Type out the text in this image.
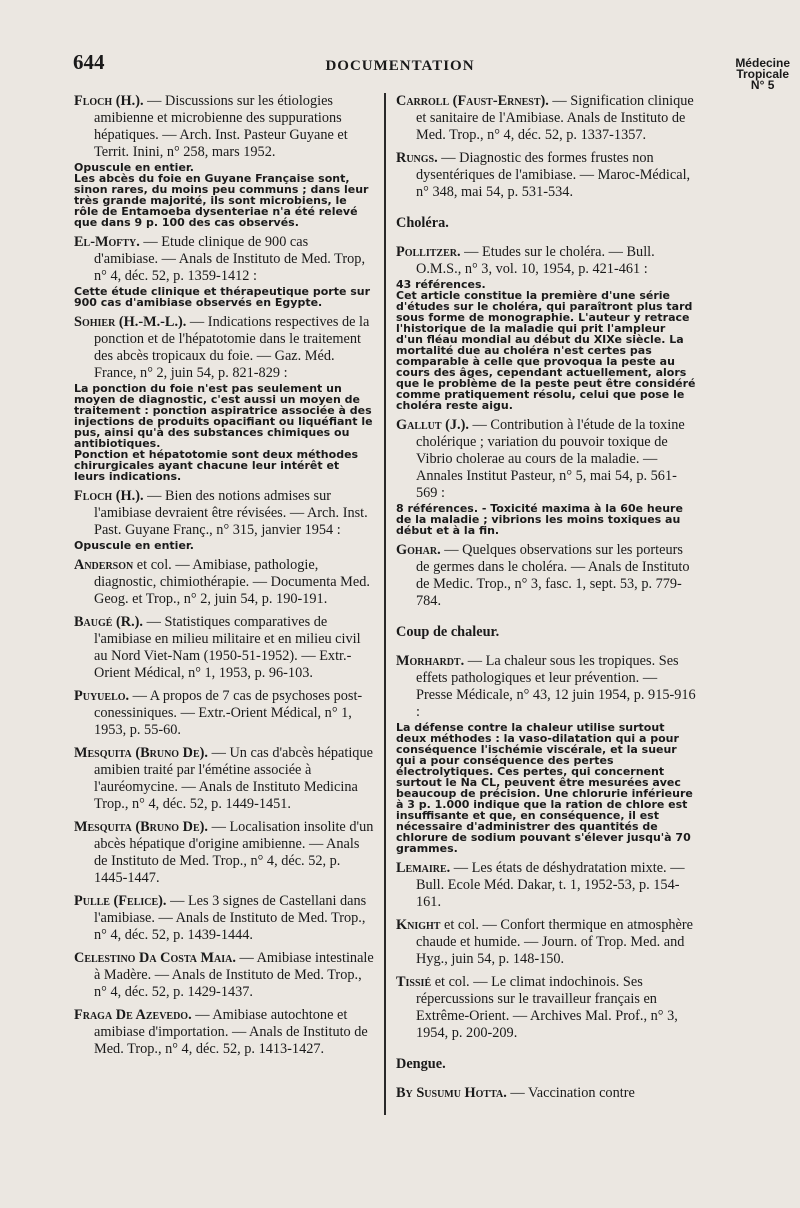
644	DOCUMENTATION	Médecine
Tropicale
N° 5
Floch (H.). — Discussions sur les étiologies amibienne et microbienne des suppurations hépatiques. — Arch. Inst. Pasteur Guyane et Territ. Inini, n° 258, mars 1952.
Opuscule en entier.
Les abcès du foie en Guyane Française sont, sinon rares, du moins peu communs ; dans leur très grande majorité, ils sont microbiens, le rôle de Entamoeba dysenteriae n'a été relevé que dans 9 p. 100 des cas observés.
El-Mofty. — Etude clinique de 900 cas d'amibiase. — Anals de Instituto de Med. Trop, n° 4, déc. 52, p. 1359-1412 :
Cette étude clinique et thérapeutique porte sur 900 cas d'amibiase observés en Egypte.
Sohier (H.-M.-L.). — Indications respectives de la ponction et de l'hépatotomie dans le traitement des abcès tropicaux du foie. — Gaz. Méd. France, n° 2, juin 54, p. 821-829 :
La ponction du foie n'est pas seulement un moyen de diagnostic, c'est aussi un moyen de traitement : ponction aspiratrice associée à des injections de produits opacifiant ou liquéfiant le pus, ainsi qu'à des substances chimiques ou antibiotiques.
Ponction et hépatotomie sont deux méthodes chirurgicales ayant chacune leur intérêt et leurs indications.
Floch (H.). — Bien des notions admises sur l'amibiase devraient être révisées. — Arch. Inst. Past. Guyane Franç., n° 315, janvier 1954 :
Opuscule en entier.
Anderson et col. — Amibiase, pathologie, diagnostic, chimiothérapie. — Documenta Med. Geog. et Trop., n° 2, juin 54, p. 190-191.
Baugé (R.). — Statistiques comparatives de l'amibiase en milieu militaire et en milieu civil au Nord Viet-Nam (1950-51-1952). — Extr.-Orient Médical, n° 1, 1953, p. 96-103.
Puyuelo. — A propos de 7 cas de psychoses post-conessiniques. — Extr.-Orient Médical, n° 1, 1953, p. 55-60.
Mesquita (Bruno De). — Un cas d'abcès hépatique amibien traité par l'émétine associée à l'auréomycine. — Anals de Instituto Medicina Trop., n° 4, déc. 52, p. 1449-1451.
Mesquita (Bruno De). — Localisation insolite d'un abcès hépatique d'origine amibienne. — Anals de Instituto de Med. Trop., n° 4, déc. 52, p. 1445-1447.
Pulle (Felice). — Les 3 signes de Castellani dans l'amibiase. — Anals de Instituto de Med. Trop., n° 4, déc. 52, p. 1439-1444.
Celestino Da Costa Maia. — Amibiase intestinale à Madère. — Anals de Instituto de Med. Trop., n° 4, déc. 52, p. 1429-1437.
Fraga De Azevedo. — Amibiase autochtone et amibiase d'importation. — Anals de Instituto de Med. Trop., n° 4, déc. 52, p. 1413-1427.
Carroll (Faust-Ernest). — Signification clinique et sanitaire de l'Amibiase. Anals de Instituto de Med. Trop., n° 4, déc. 52, p. 1337-1357.
Rungs. — Diagnostic des formes frustes non dysentériques de l'amibiase. — Maroc-Médical, n° 348, mai 54, p. 531-534.
Choléra.
Pollitzer. — Etudes sur le choléra. — Bull. O.M.S., n° 3, vol. 10, 1954, p. 421-461 :
43 références.
Cet article constitue la première d'une série d'études sur le choléra, qui paraîtront plus tard sous forme de monographie. L'auteur y retrace l'historique de la maladie qui prit l'ampleur d'un fléau mondial au début du XIXe siècle. La mortalité due au choléra n'est certes pas comparable à celle que provoqua la peste au cours des âges, cependant actuellement, alors que le problème de la peste peut être considéré comme pratiquement résolu, celui que pose le choléra reste aigu.
Gallut (J.). — Contribution à l'étude de la toxine cholérique ; variation du pouvoir toxique de Vibrio cholerae au cours de la maladie. — Annales Institut Pasteur, n° 5, mai 54, p. 561-569 :
8 références. - Toxicité maxima à la 60e heure de la maladie ; vibrions les moins toxiques au début et à la fin.
Gohar. — Quelques observations sur les porteurs de germes dans le choléra. — Anals de Instituto de Medic. Trop., n° 3, fasc. 1, sept. 53, p. 779-784.
Coup de chaleur.
Morhardt. — La chaleur sous les tropiques. Ses effets pathologiques et leur prévention. — Presse Médicale, n° 43, 12 juin 1954, p. 915-916 :
La défense contre la chaleur utilise surtout deux méthodes : la vaso-dilatation qui a pour conséquence l'ischémie viscérale, et la sueur qui a pour conséquence des pertes électrolytiques. Ces pertes, qui concernent surtout le Na CL, peuvent être mesurées avec beaucoup de précision. Une chlorurie inférieure à 3 p. 1.000 indique que la ration de chlore est insuffisante et que, en conséquence, il est nécessaire d'administrer des quantités de chlorure de sodium pouvant s'élever jusqu'à 70 grammes.
Lemaire. — Les états de déshydratation mixte. — Bull. Ecole Méd. Dakar, t. 1, 1952-53, p. 154-161.
Knight et col. — Confort thermique en atmosphère chaude et humide. — Journ. of Trop. Med. and Hyg., juin 54, p. 148-150.
Tissié et col. — Le climat indochinois. Ses répercussions sur le travailleur français en Extrême-Orient. — Archives Mal. Prof., n° 3, 1954, p. 200-209.
Dengue.
By Susumu Hotta. — Vaccination contre
